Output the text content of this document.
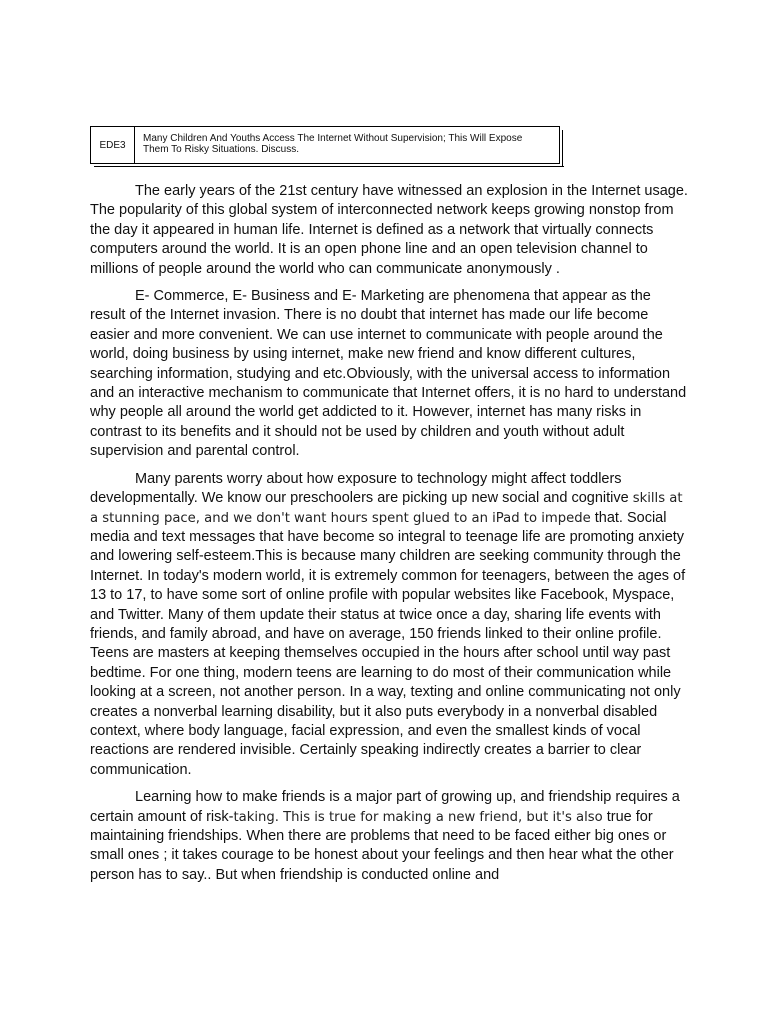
EDE3
Many Children And Youths Access The Internet Without Supervision; This Will Expose
Them To Risky Situations. Discuss.

The early years of the 21st century have witnessed an explosion in the Internet usage. The popularity of this global system of interconnected network keeps growing nonstop from the day it appeared in human life. Internet is defined as a network that virtually connects computers around the world. It is an open phone line and an open television channel to millions of people around the world who can communicate anonymously .

E- Commerce, E- Business and E- Marketing are phenomena that appear as the result of the Internet invasion. There is no doubt that internet has made our life become easier and more convenient. We can use internet to communicate with people around the world, doing business by using internet, make new friend and know different cultures, searching information, studying and etc.Obviously, with the universal access to information and an interactive mechanism to communicate that Internet offers, it is no hard to understand why people all around the world get addicted to it. However, internet has many risks in contrast to its benefits and it should not be used by children and youth without adult supervision and parental control.

Many parents worry about how exposure to technology might affect toddlers developmentally. We know our preschoolers are picking up new social and cognitive skills at a stunning pace, and we don't want hours spent glued to an iPad to impede that. Social media and text messages that have become so integral to teenage life are promoting anxiety and lowering self-esteem.This is because many children are seeking community through the Internet. In today's modern world, it is extremely common for teenagers, between the ages of 13 to 17, to have some sort of online profile with popular websites like Facebook, Myspace, and Twitter. Many of them update their status at twice once a day, sharing life events with friends, and family abroad, and have on average, 150 friends linked to their online profile. Teens are masters at keeping themselves occupied in the hours after school until way past bedtime. For one thing, modern teens are learning to do most of their communication while looking at a screen, not another person. In a way, texting and online communicating not only creates a nonverbal learning disability, but it also puts everybody in a nonverbal disabled context, where body language, facial expression, and even the smallest kinds of vocal reactions are rendered invisible. Certainly speaking indirectly creates a barrier to clear communication.

Learning how to make friends is a major part of growing up, and friendship requires a certain amount of risk-taking. This is true for making a new friend, but it's also true for maintaining friendships. When there are problems that need to be faced either big ones or small ones ; it takes courage to be honest about your feelings and then hear what the other person has to say.. But when friendship is conducted online and
